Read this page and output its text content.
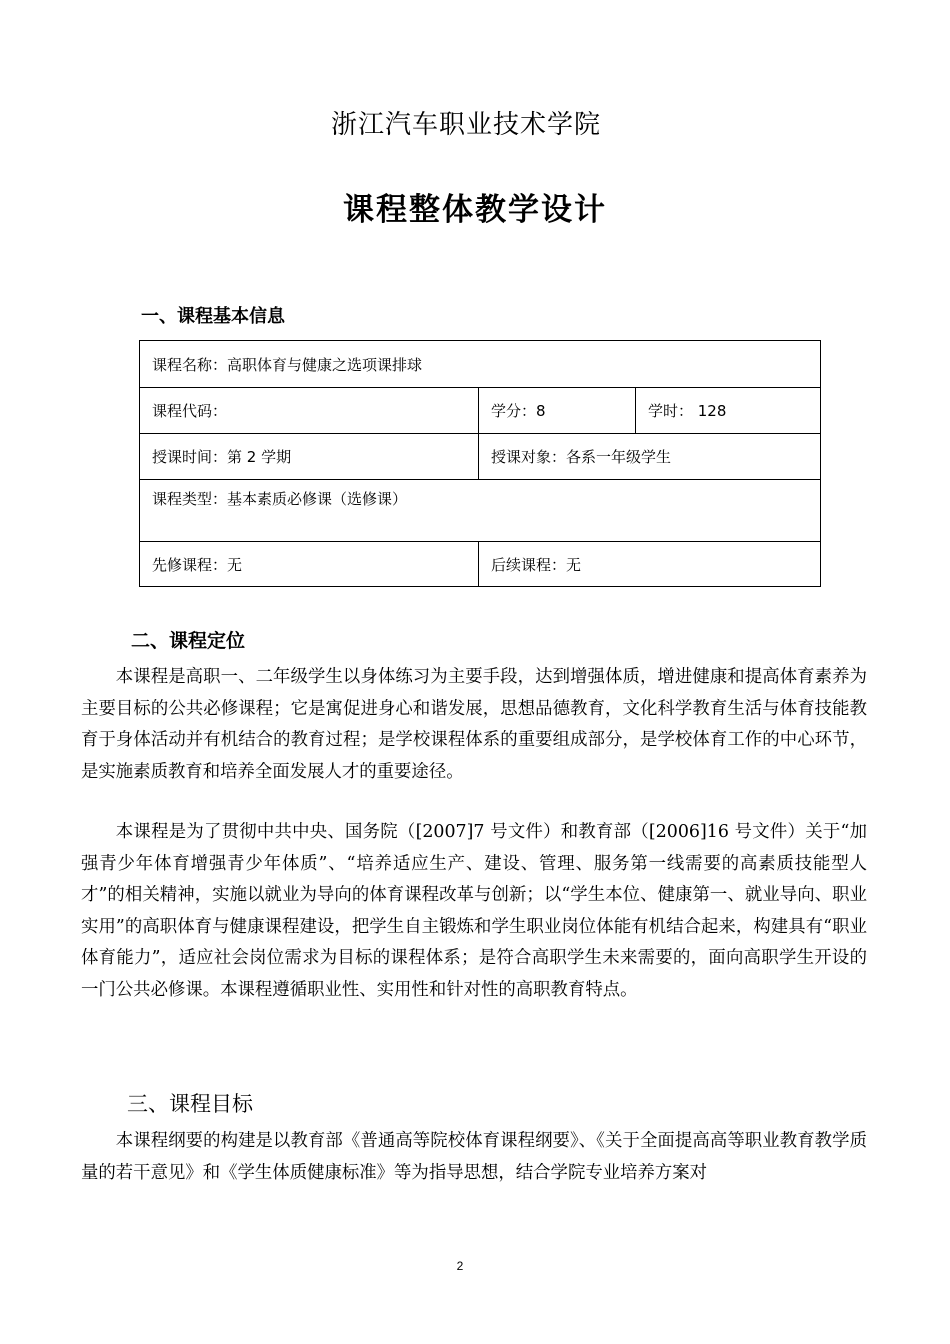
浙江汽车职业技术学院
课程整体教学设计
一、课程基本信息
课程名称：高职体育与健康之选项课排球		
课程代码：	学分：8	学时： 128
授课时间：第 2 学期	授课对象：各系一年级学生	
课程类型：基本素质必修课（选修课）		
先修课程：无	后续课程：无	
二、课程定位

本课程是高职一、二年级学生以身体练习为主要手段，达到增强体质，增进健康和提高体育素养为主要目标的公共必修课程；它是寓促进身心和谐发展，思想品德教育，文化科学教育生活与体育技能教育于身体活动并有机结合的教育过程；是学校课程体系的重要组成部分，是学校体育工作的中心环节，是实施素质教育和培养全面发展人才的重要途径。

本课程是为了贯彻中共中央、国务院（[2007]7 号文件）和教育部（[2006]16 号文件）关于“加强青少年体育增强青少年体质”、“培养适应生产、建设、管理、服务第一线需要的高素质技能型人才”的相关精神，实施以就业为导向的体育课程改革与创新；以“学生本位、健康第一、就业导向、职业实用”的高职体育与健康课程建设，把学生自主锻炼和学生职业岗位体能有机结合起来，构建具有“职业体育能力”，适应社会岗位需求为目标的课程体系；是符合高职学生未来需要的，面向高职学生开设的一门公共必修课。本课程遵循职业性、实用性和针对性的高职教育特点。

三、课程目标

本课程纲要的构建是以教育部《普通高等院校体育课程纲要》、《关于全面提高高等职业教育教学质量的若干意见》和《学生体质健康标准》等为指导思想，结合学院专业培养方案对

2
